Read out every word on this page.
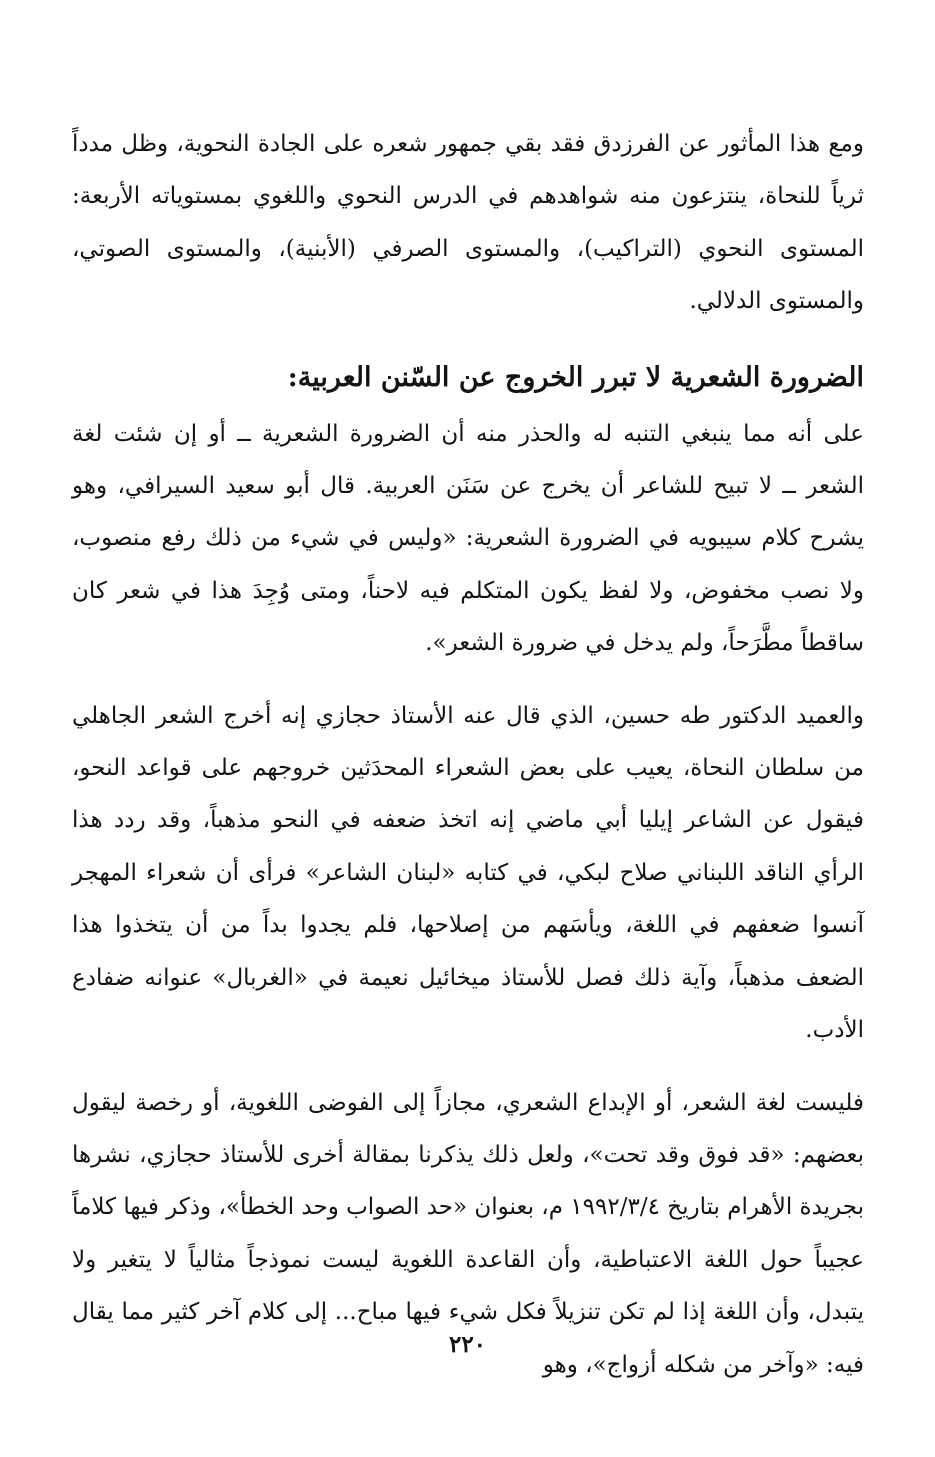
ومع هذا المأثور عن الفرزدق فقد بقي جمهور شعره على الجادة النحوية، وظل مدداً ثرياً للنحاة، ينتزعون منه شواهدهم في الدرس النحوي واللغوي بمستوياته الأربعة: المستوى النحوي (التراكيب)، والمستوى الصرفي (الأبنية)، والمستوى الصوتي، والمستوى الدلالي.

الضرورة الشعرية لا تبرر الخروج عن السّنن العربية:

على أنه مما ينبغي التنبه له والحذر منه أن الضرورة الشعرية ــ أو إن شئت لغة الشعر ــ لا تبيح للشاعر أن يخرج عن سَنَن العربية. قال أبو سعيد السيرافي، وهو يشرح كلام سيبويه في الضرورة الشعرية: «وليس في شيء من ذلك رفع منصوب، ولا نصب مخفوض، ولا لفظ يكون المتكلم فيه لاحناً، ومتى وُجِدَ هذا في شعر كان ساقطاً مطَّرَحاً، ولم يدخل في ضرورة الشعر».

والعميد الدكتور طه حسين، الذي قال عنه الأستاذ حجازي إنه أخرج الشعر الجاهلي من سلطان النحاة، يعيب على بعض الشعراء المحدَثين خروجهم على قواعد النحو، فيقول عن الشاعر إيليا أبي ماضي إنه اتخذ ضعفه في النحو مذهباً، وقد ردد هذا الرأي الناقد اللبناني صلاح لبكي، في كتابه «لبنان الشاعر» فرأى أن شعراء المهجر آنسوا ضعفهم في اللغة، ويأسَهم من إصلاحها، فلم يجدوا بداً من أن يتخذوا هذا الضعف مذهباً، وآية ذلك فصل للأستاذ ميخائيل نعيمة في «الغربال» عنوانه ضفادع الأدب.

فليست لغة الشعر، أو الإبداع الشعري، مجازاً إلى الفوضى اللغوية، أو رخصة ليقول بعضهم: «قد فوق وقد تحت»، ولعل ذلك يذكرنا بمقالة أخرى للأستاذ حجازي، نشرها بجريدة الأهرام بتاريخ ١٩٩٢/٣/٤ م، بعنوان «حد الصواب وحد الخطأ»، وذكر فيها كلاماً عجيباً حول اللغة الاعتباطية، وأن القاعدة اللغوية ليست نموذجاً مثالياً لا يتغير ولا يتبدل، وأن اللغة إذا لم تكن تنزيلاً فكل شيء فيها مباح... إلى كلام آخر كثير مما يقال فيه: «وآخر من شكله أزواج»، وهو

٢٢٠
